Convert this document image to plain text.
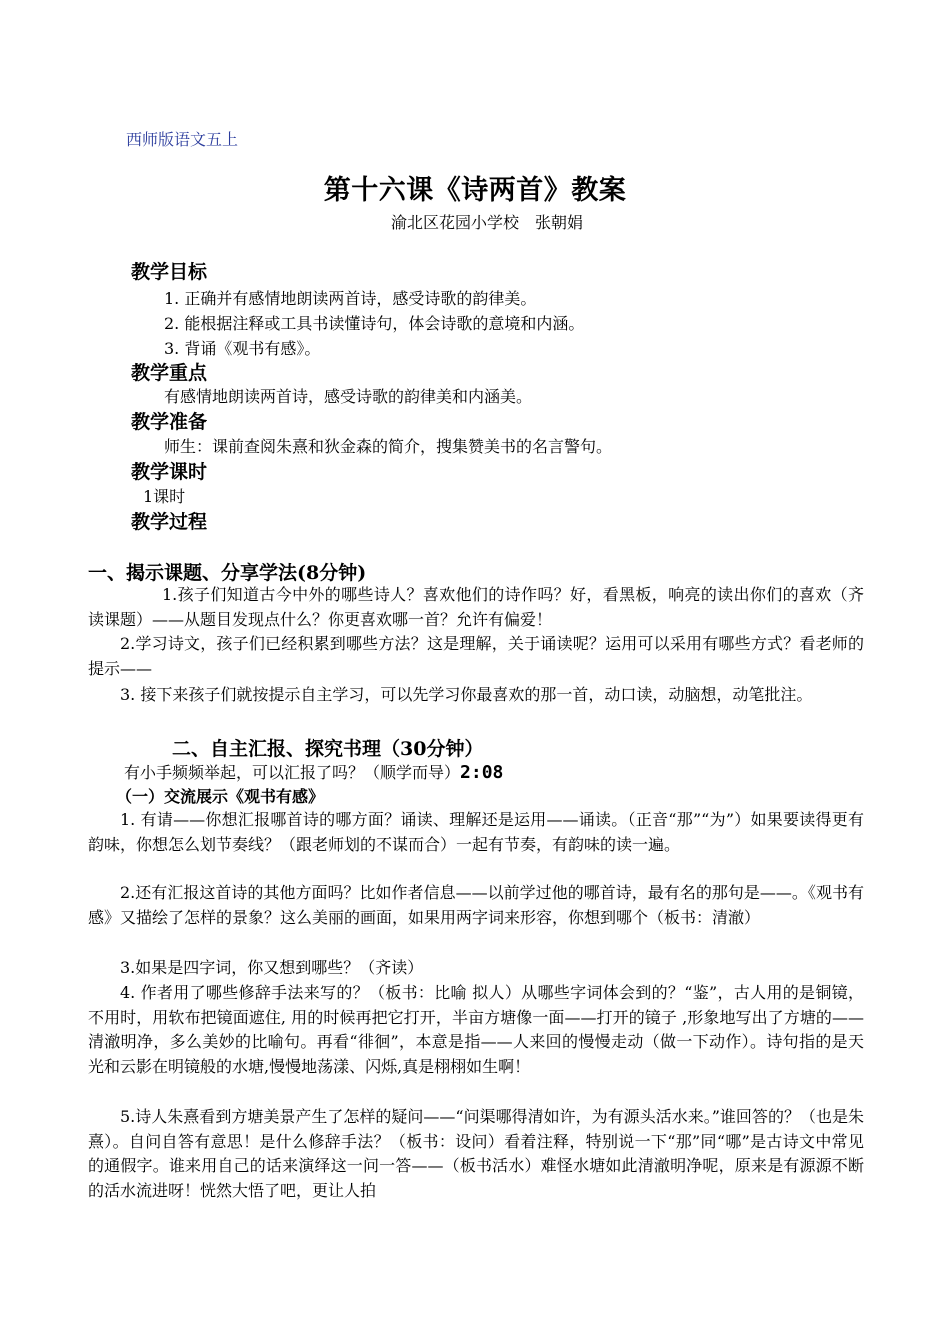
西师版语文五上

第十六课《诗两首》教案

渝北区花园小学校　张朝娟

教学目标

1. 正确并有感情地朗读两首诗，感受诗歌的韵律美。

2. 能根据注释或工具书读懂诗句，体会诗歌的意境和内涵。

3. 背诵《观书有感》。

教学重点

有感情地朗读两首诗，感受诗歌的韵律美和内涵美。

教学准备

师生：课前查阅朱熹和狄金森的简介，搜集赞美书的名言警句。

教学课时

1课时

教学过程

一、揭示课题、分享学法(8分钟)

1.孩子们知道古今中外的哪些诗人？喜欢他们的诗作吗？好，看黑板，响亮的读出你们的喜欢（齐读课题）——从题目发现点什么？你更喜欢哪一首？允许有偏爱！

2.学习诗文，孩子们已经积累到哪些方法？这是理解，关于诵读呢？运用可以采用有哪些方式？看老师的提示——

3. 接下来孩子们就按提示自主学习，可以先学习你最喜欢的那一首，动口读，动脑想，动笔批注。

二、自主汇报、探究书理（30分钟）

有小手频频举起，可以汇报了吗？（顺学而导）2:08

（一）交流展示《观书有感》

1. 有请——你想汇报哪首诗的哪方面？诵读、理解还是运用——诵读。（正音“那”“为”）如果要读得更有韵味，你想怎么划节奏线？（跟老师划的不谋而合）一起有节奏，有韵味的读一遍。

2.还有汇报这首诗的其他方面吗？比如作者信息——以前学过他的哪首诗，最有名的那句是——。《观书有感》又描绘了怎样的景象？这么美丽的画面，如果用两字词来形容，你想到哪个（板书：清澈）

3.如果是四字词，你又想到哪些？（齐读）

4. 作者用了哪些修辞手法来写的？（板书：比喻 拟人）从哪些字词体会到的？“鉴”，古人用的是铜镜，不用时，用软布把镜面遮住, 用的时候再把它打开，半亩方塘像一面——打开的镜子 ,形象地写出了方塘的——清澈明净，多么美妙的比喻句。再看“徘徊”，本意是指——人来回的慢慢走动（做一下动作）。诗句指的是天光和云影在明镜般的水塘,慢慢地荡漾、闪烁,真是栩栩如生啊！

5.诗人朱熹看到方塘美景产生了怎样的疑问——“问渠哪得清如许，为有源头活水来。”谁回答的？（也是朱熹）。自问自答有意思！是什么修辞手法？（板书：设问）看着注释，特别说一下“那”同“哪”是古诗文中常见的通假字。谁来用自己的话来演绎这一问一答——（板书活水）难怪水塘如此清澈明净呢，原来是有源源不断的活水流进呀！恍然大悟了吧，更让人拍
